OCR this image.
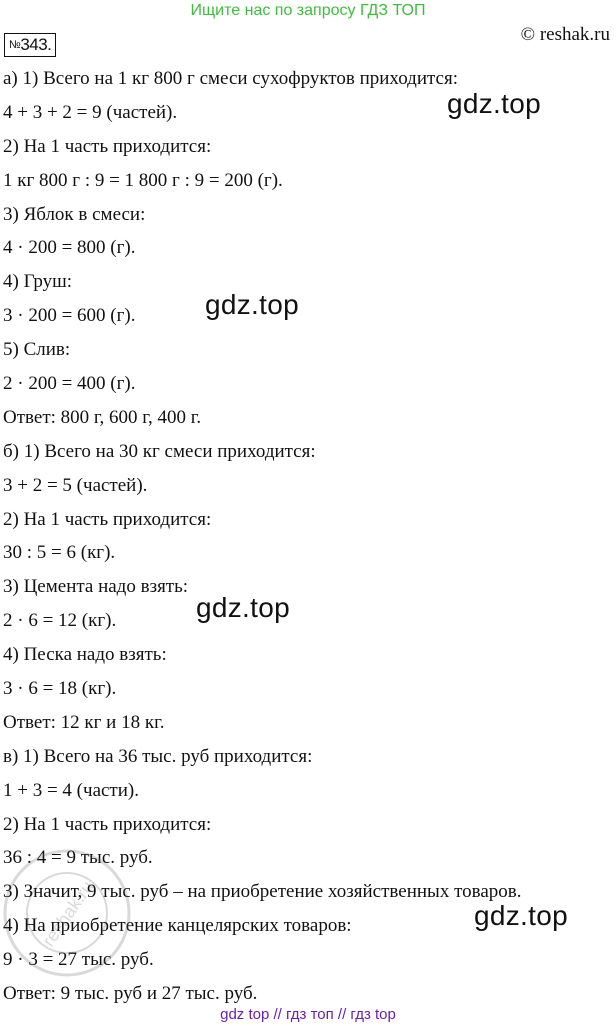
Ищите нас по запросу ГДЗ ТОП
№343.	© reshak.ru
а) 1) Всего на 1 кг 800 г смеси сухофруктов приходится:
4 + 3 + 2 = 9 (частей).
2) На 1 часть приходится:
1 кг 800 г : 9 = 1 800 г : 9 = 200 (г).
3) Яблок в смеси:
4 · 200 = 800 (г).
4) Груш:
3 · 200 = 600 (г).
5) Слив:
2 · 200 = 400 (г).
Ответ: 800 г, 600 г, 400 г.
б) 1) Всего на 30 кг смеси приходится:
3 + 2 = 5 (частей).
2) На 1 часть приходится:
30 : 5 = 6 (кг).
3) Цемента надо взять:
2 · 6 = 12 (кг).
4) Песка надо взять:
3 · 6 = 18 (кг).
Ответ: 12 кг и 18 кг.
в) 1) Всего на 36 тыс. руб приходится:
1 + 3 = 4 (части).
2) На 1 часть приходится:
36 : 4 = 9 тыс. руб.
3) Значит, 9 тыс. руб – на приобретение хозяйственных товаров.
4) На приобретение канцелярских товаров:
9 · 3 = 27 тыс. руб.
Ответ: 9 тыс. руб и 27 тыс. руб.
gdz.top
gdz.top
gdz.top
gdz.top
reshak.ru
gdz top // гдз топ // гдз top
